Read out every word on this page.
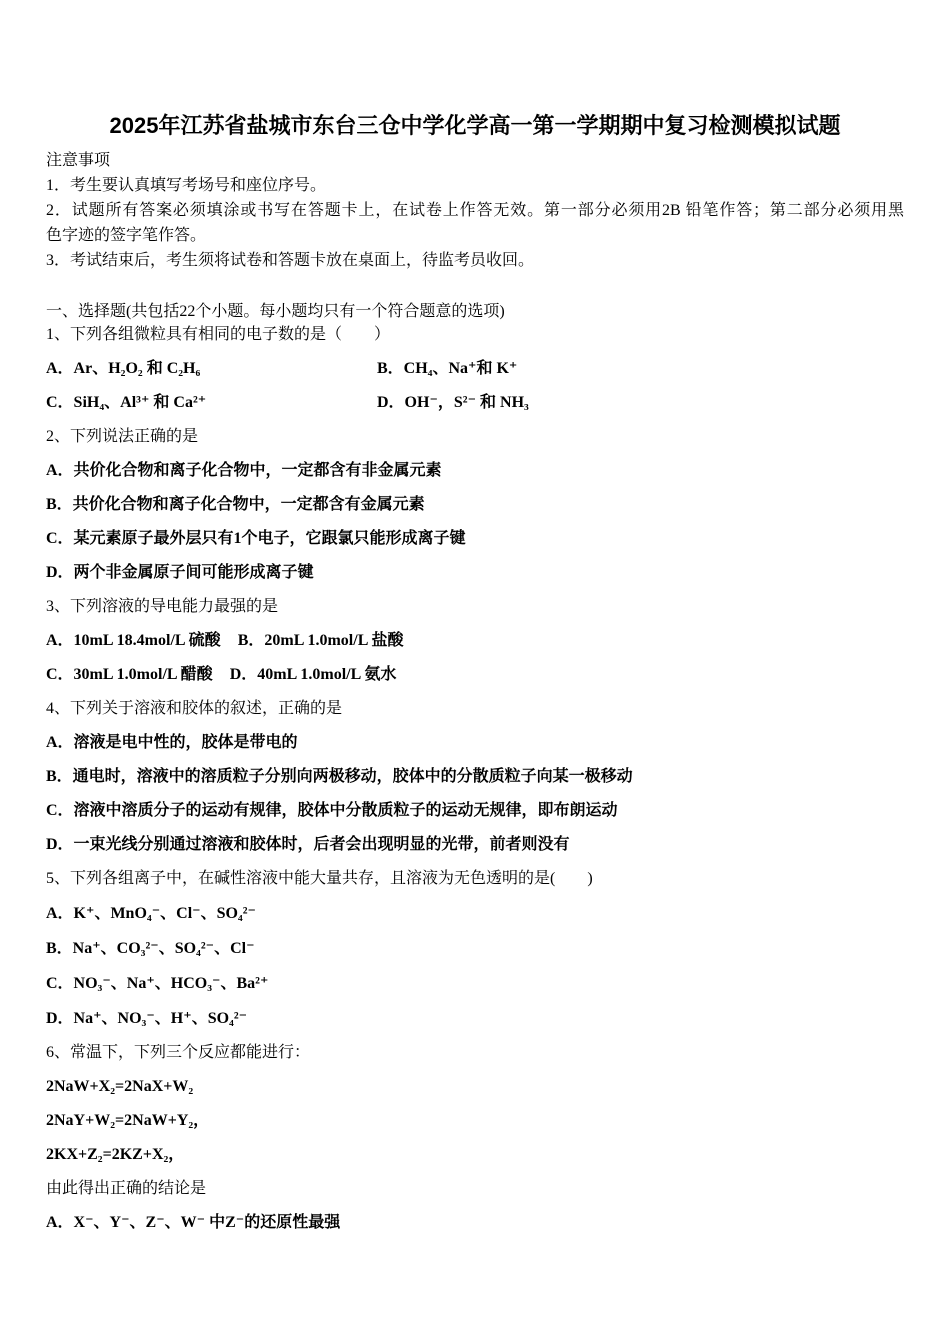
2025年江苏省盐城市东台三仓中学化学高一第一学期期中复习检测模拟试题
注意事项
1．考生要认真填写考场号和座位序号。
2．试题所有答案必须填涂或书写在答题卡上，在试卷上作答无效。第一部分必须用2B 铅笔作答；第二部分必须用黑
色字迹的签字笔作答。
3．考试结束后，考生须将试卷和答题卡放在桌面上，待监考员收回。
一、选择题(共包括22个小题。每小题均只有一个符合题意的选项)
1、下列各组微粒具有相同的电子数的是（　　）
A．Ar、H₂O₂ 和 C₂H₆	B．CH₄、Na⁺和 K⁺
C．SiH₄、Al³⁺ 和 Ca²⁺	D．OH⁻，S²⁻ 和 NH₃
2、下列说法正确的是
A．共价化合物和离子化合物中，一定都含有非金属元素
B．共价化合物和离子化合物中，一定都含有金属元素
C．某元素原子最外层只有1个电子，它跟氯只能形成离子键
D．两个非金属原子间可能形成离子键
3、下列溶液的导电能力最强的是
A．10mL 18.4mol/L 硫酸 B．20mL 1.0mol/L 盐酸
C．30mL 1.0mol/L 醋酸 D．40mL 1.0mol/L 氨水
4、下列关于溶液和胶体的叙述，正确的是
A．溶液是电中性的，胶体是带电的
B．通电时，溶液中的溶质粒子分别向两极移动，胶体中的分散质粒子向某一极移动
C．溶液中溶质分子的运动有规律，胶体中分散质粒子的运动无规律，即布朗运动
D．一束光线分别通过溶液和胶体时，后者会出现明显的光带，前者则没有
5、下列各组离子中，在碱性溶液中能大量共存，且溶液为无色透明的是(　　)
A．K⁺、MnO₄⁻、Cl⁻、SO₄²⁻
B．Na⁺、CO₃²⁻、SO₄²⁻、Cl⁻
C．NO₃⁻、Na⁺、HCO₃⁻、Ba²⁺
D．Na⁺、NO₃⁻、H⁺、SO₄²⁻
6、常温下，下列三个反应都能进行：
2NaW+X₂=2NaX+W₂
2NaY+W₂=2NaW+Y₂，
2KX+Z₂=2KZ+X₂，
由此得出正确的结论是
A．X⁻、Y⁻、Z⁻、W⁻ 中Z⁻的还原性最强
